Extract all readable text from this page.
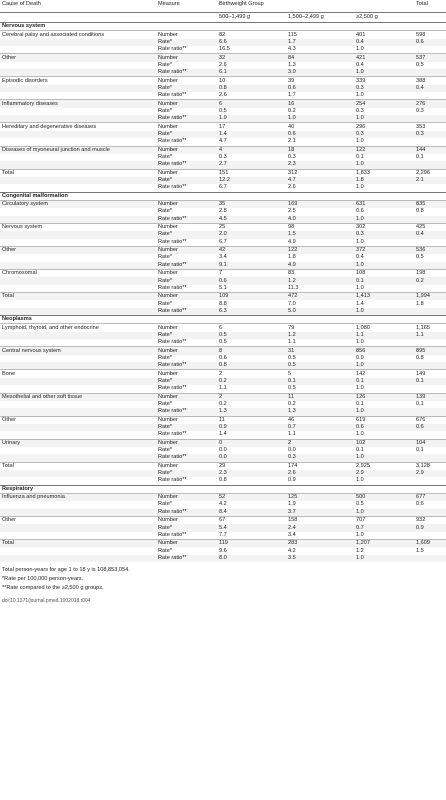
Cause of Death	Measure	Birthweight Group			Total
		500–1,499 g	1,500–2,499 g	≥2,500 g	
Nervous system					
Cerebral palsy and associated conditions	Number	82	115	401	598
	Rate*	6.6	1.7	0.4	0.6
	Rate ratio**	16.5	4.3	1.0	
Other	Number	32	84	421	537
	Rate*	2.6	1.3	0.4	0.5
	Rate ratio**	6.1	3.0	1.0	
Episodic disorders	Number	10	39	339	388
	Rate*	0.8	0.6	0.3	0.4
	Rate ratio**	2.6	1.7	1.0	
Inflammatory diseases	Number	6	16	254	276
	Rate*	0.5	0.2	0.3	0.3
	Rate ratio**	1.9	1.0	1.0	
Hereditary and degenerative diseases	Number	17	40	296	353
	Rate*	1.4	0.6	0.3	0.3
	Rate ratio**	4.7	2.1	1.0	
Diseases of myoneural junction and muscle	Number	4	18	122	144
	Rate*	0.3	0.3	0.1	0.1
	Rate ratio**	2.7	2.3	1.0	
Total	Number	151	312	1,833	2,296
	Rate*	12.2	4.7	1.8	2.1
	Rate ratio**	6.7	2.6	1.0	
Congenital malformation					
Circulatory system	Number	35	169	631	835
	Rate*	2.8	2.5	0.6	0.8
	Rate ratio**	4.5	4.0	1.0	
Nervous system	Number	25	98	302	425
	Rate*	2.0	1.5	0.3	0.4
	Rate ratio**	6.7	4.9	1.0	
Other	Number	42	122	372	536
	Rate*	3.4	1.8	0.4	0.5
	Rate ratio**	9.1	4.9	1.0	
Chromosomal	Number	7	83	108	198
	Rate*	0.6	1.2	0.1	0.2
	Rate ratio**	5.1	11.3	1.0	
Total	Number	109	472	1,413	1,994
	Rate*	8.8	7.0	1.4	1.8
	Rate ratio**	6.3	5.0	1.0	
Neoplasms					
Lymphoid, thyroid, and other endocrine	Number	6	79	1,080	1,165
	Rate*	0.5	1.2	1.1	1.1
	Rate ratio**	0.5	1.1	1.0	
Central nervous system	Number	8	31	856	895
	Rate*	0.6	0.5	0.9	0.8
	Rate ratio**	0.8	0.5	1.0	
Bone	Number	2	5	142	149
	Rate*	0.2	0.1	0.1	0.1
	Rate ratio**	1.1	0.5	1.0	
Mesothelial and other soft tissue	Number	2	11	126	139
	Rate*	0.2	0.2	0.1	0.1
	Rate ratio**	1.3	1.3	1.0	
Other	Number	11	46	619	676
	Rate*	0.9	0.7	0.6	0.6
	Rate ratio**	1.4	1.1	1.0	
Urinary	Number	0	2	102	104
	Rate*	0.0	0.0	0.1	0.1
	Rate ratio**	0.0	0.3	1.0	
Total	Number	29	174	2,925	3,128
	Rate*	2.3	2.6	2.9	2.9
	Rate ratio**	0.8	0.9	1.0	
Respiratory					
Influenza and pneumonia	Number	52	125	500	677
	Rate*	4.2	1.9	0.5	0.6
	Rate ratio**	8.4	3.7	1.0	
Other	Number	67	158	707	932
	Rate*	5.4	2.4	0.7	0.9
	Rate ratio**	7.7	3.4	1.0	
Total	Number	119	283	1,207	1,609
	Rate*	9.6	4.2	1.2	1.5
	Rate ratio**	8.0	3.5	1.0	

Total person-years for age 1 to 18 y is 108,853,054.

*Rate per 100,000 person-years.

**Rate compared to the ≥2,500 g groups.

doi:10.1371/journal.pmed.1002018.t004
